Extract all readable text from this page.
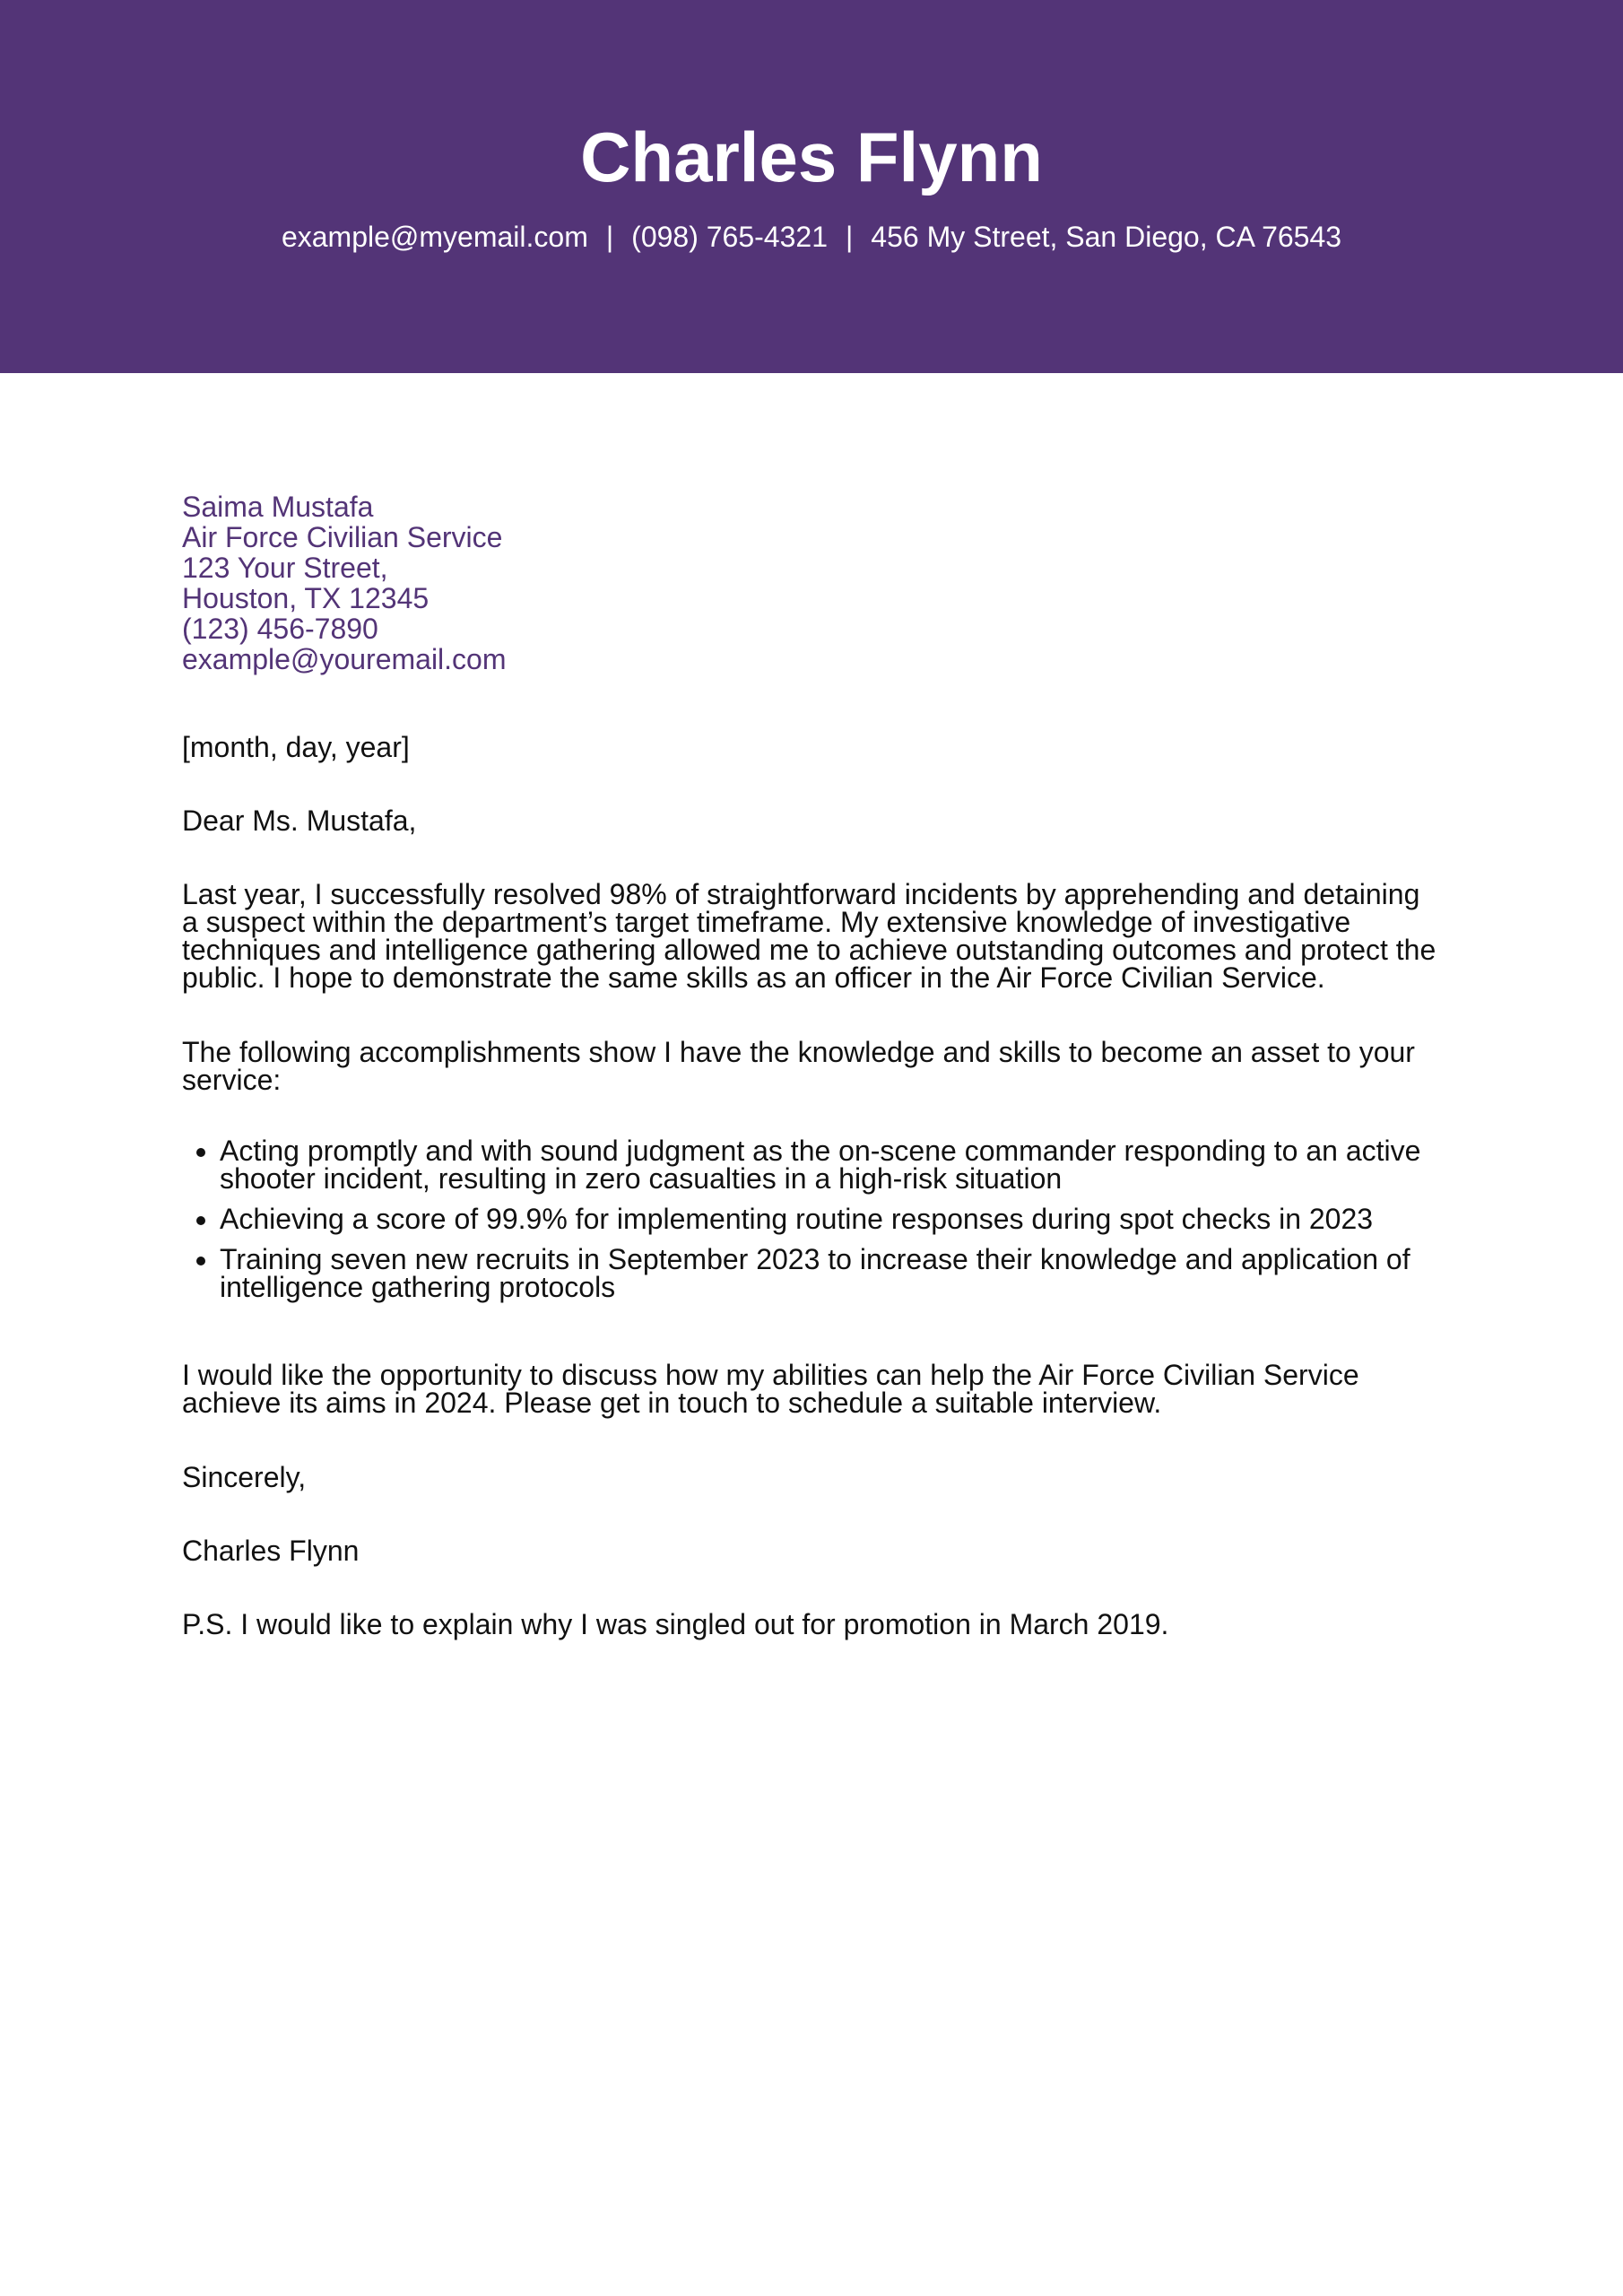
Charles Flynn
example@myemail.com | (098) 765-4321 | 456 My Street, San Diego, CA 76543
Saima Mustafa
Air Force Civilian Service
123 Your Street,
Houston, TX 12345
(123) 456-7890
example@youremail.com
[month, day, year]
Dear Ms. Mustafa,
Last year, I successfully resolved 98% of straightforward incidents by apprehending and detaining a suspect within the department’s target timeframe. My extensive knowledge of investigative techniques and intelligence gathering allowed me to achieve outstanding outcomes and protect the public. I hope to demonstrate the same skills as an officer in the Air Force Civilian Service.
The following accomplishments show I have the knowledge and skills to become an asset to your service:
• Acting promptly and with sound judgment as the on-scene commander responding to an active shooter incident, resulting in zero casualties in a high-risk situation
• Achieving a score of 99.9% for implementing routine responses during spot checks in 2023
• Training seven new recruits in September 2023 to increase their knowledge and application of intelligence gathering protocols
I would like the opportunity to discuss how my abilities can help the Air Force Civilian Service achieve its aims in 2024. Please get in touch to schedule a suitable interview.
Sincerely,
Charles Flynn
P.S. I would like to explain why I was singled out for promotion in March 2019.
